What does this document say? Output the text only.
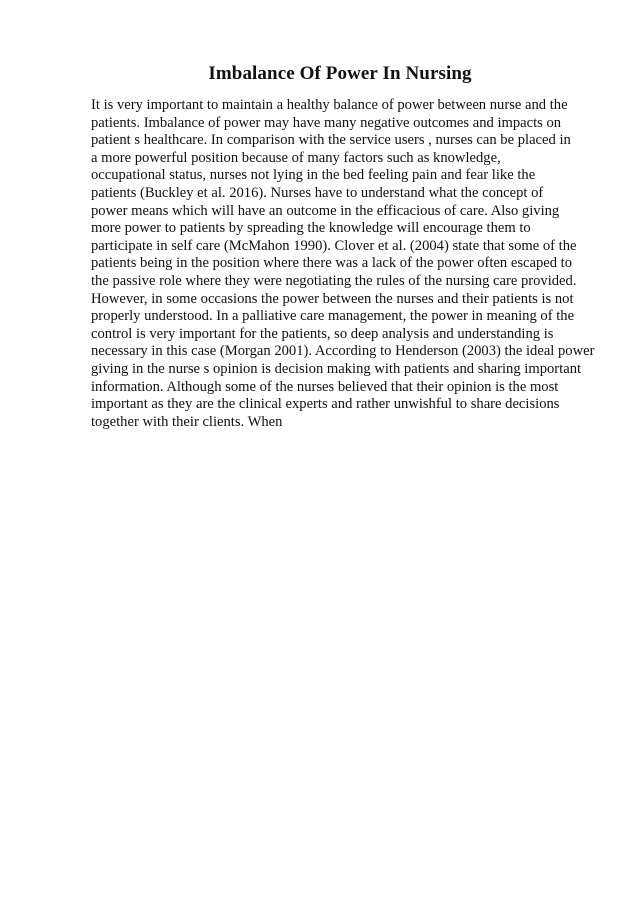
Imbalance Of Power In Nursing
It is very important to maintain a healthy balance of power between nurse and the
patients. Imbalance of power may have many negative outcomes and impacts on
patient s healthcare. In comparison with the service users , nurses can be placed in
a more powerful position because of many factors such as knowledge,
occupational status, nurses not lying in the bed feeling pain and fear like the
patients (Buckley et al. 2016). Nurses have to understand what the concept of
power means which will have an outcome in the efficacious of care. Also giving
more power to patients by spreading the knowledge will encourage them to
participate in self care (McMahon 1990). Clover et al. (2004) state that some of the
patients being in the position where there was a lack of the power often escaped to
the passive role where they were negotiating the rules of the nursing care provided.
However, in some occasions the power between the nurses and their patients is not
properly understood. In a palliative care management, the power in meaning of the
control is very important for the patients, so deep analysis and understanding is
necessary in this case (Morgan 2001). According to Henderson (2003) the ideal power
giving in the nurse s opinion is decision making with patients and sharing important
information. Although some of the nurses believed that their opinion is the most
important as they are the clinical experts and rather unwishful to share decisions
together with their clients. When
